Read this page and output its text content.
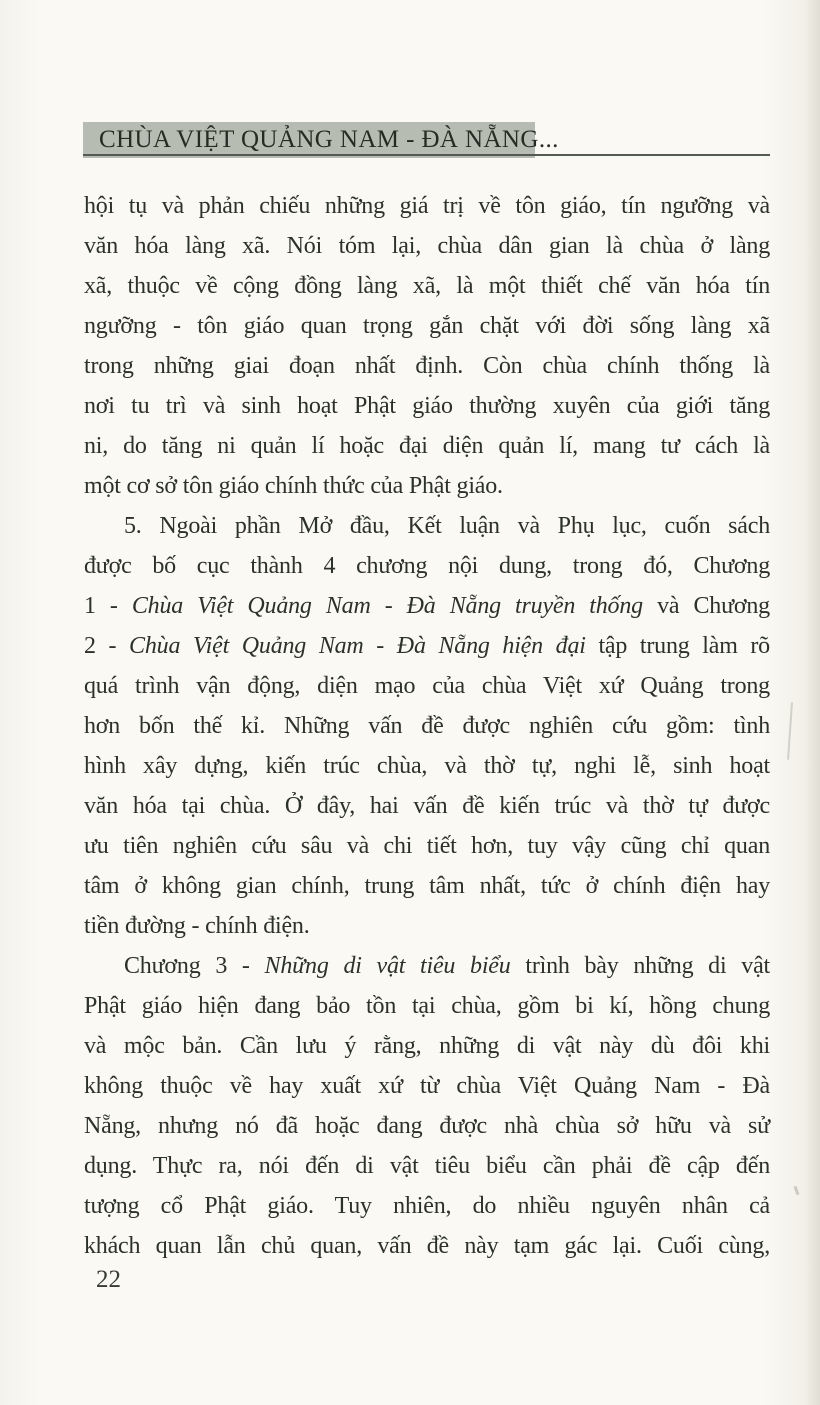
CHÙA VIỆT QUẢNG NAM - ĐÀ NẴNG...
hội tụ và phản chiếu những giá trị về tôn giáo, tín ngưỡng và
văn hóa làng xã. Nói tóm lại, chùa dân gian là chùa ở làng
xã, thuộc về cộng đồng làng xã, là một thiết chế văn hóa tín
ngưỡng - tôn giáo quan trọng gắn chặt với đời sống làng xã
trong những giai đoạn nhất định. Còn chùa chính thống là
nơi tu trì và sinh hoạt Phật giáo thường xuyên của giới tăng
ni, do tăng ni quản lí hoặc đại diện quản lí, mang tư cách là
một cơ sở tôn giáo chính thức của Phật giáo.
5. Ngoài phần Mở đầu, Kết luận và Phụ lục, cuốn sách
được bố cục thành 4 chương nội dung, trong đó, Chương
1 - Chùa Việt Quảng Nam - Đà Nẵng truyền thống và Chương
2 - Chùa Việt Quảng Nam - Đà Nẵng hiện đại tập trung làm rõ
quá trình vận động, diện mạo của chùa Việt xứ Quảng trong
hơn bốn thế kỉ. Những vấn đề được nghiên cứu gồm: tình
hình xây dựng, kiến trúc chùa, và thờ tự, nghi lễ, sinh hoạt
văn hóa tại chùa. Ở đây, hai vấn đề kiến trúc và thờ tự được
ưu tiên nghiên cứu sâu và chi tiết hơn, tuy vậy cũng chỉ quan
tâm ở không gian chính, trung tâm nhất, tức ở chính điện hay
tiền đường - chính điện.
Chương 3 - Những di vật tiêu biểu trình bày những di vật
Phật giáo hiện đang bảo tồn tại chùa, gồm bi kí, hồng chung
và mộc bản. Cần lưu ý rằng, những di vật này dù đôi khi
không thuộc về hay xuất xứ từ chùa Việt Quảng Nam - Đà
Nẵng, nhưng nó đã hoặc đang được nhà chùa sở hữu và sử
dụng. Thực ra, nói đến di vật tiêu biểu cần phải đề cập đến
tượng cổ Phật giáo. Tuy nhiên, do nhiều nguyên nhân cả
khách quan lẫn chủ quan, vấn đề này tạm gác lại. Cuối cùng,
22
